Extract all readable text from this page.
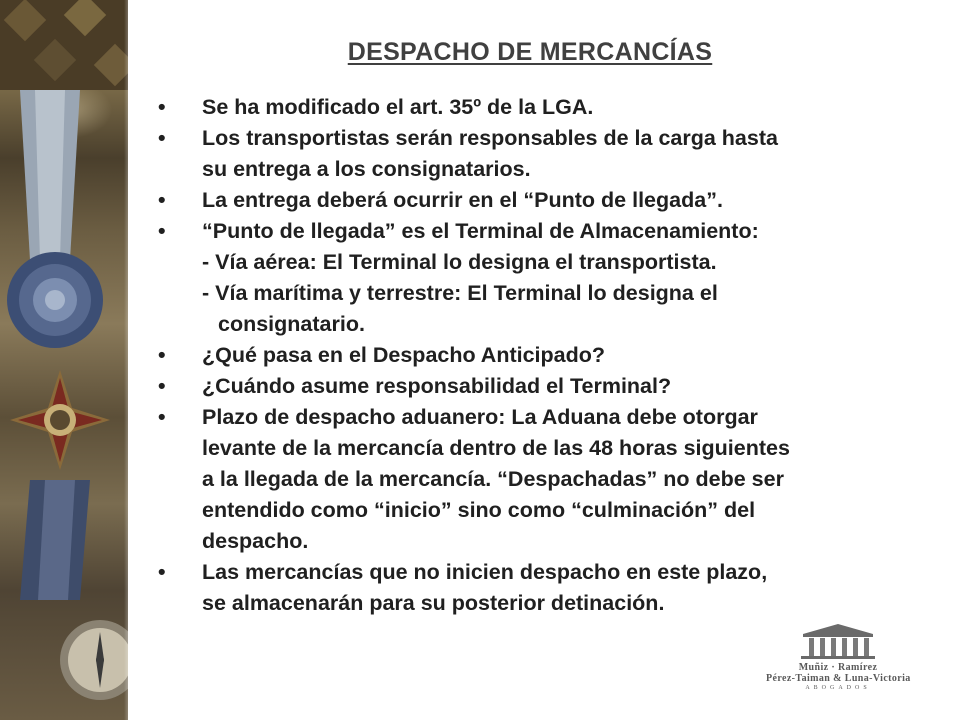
DESPACHO DE MERCANCÍAS
• Se ha modificado el art. 35º de la LGA.
• Los transportistas serán responsables de la carga hasta
su entrega a los consignatarios.
• La entrega deberá ocurrir en el “Punto de llegada”.
• “Punto de llegada” es el Terminal de Almacenamiento:
- Vía aérea: El Terminal lo designa el transportista.
- Vía marítima y terrestre: El Terminal lo designa el
consignatario.
• ¿Qué pasa en el Despacho Anticipado?
• ¿Cuándo asume responsabilidad el Terminal?
• Plazo de despacho aduanero: La Aduana debe otorgar
levante de la mercancía dentro de las 48 horas siguientes
a la llegada de la mercancía. “Despachadas” no debe ser
entendido como “inicio” sino como “culminación” del
despacho.
• Las mercancías que no inicien despacho en este plazo,
se almacenarán para su posterior detinación.
Muñiz · Ramírez
Pérez-Taiman & Luna-Victoria
ABOGADOS
